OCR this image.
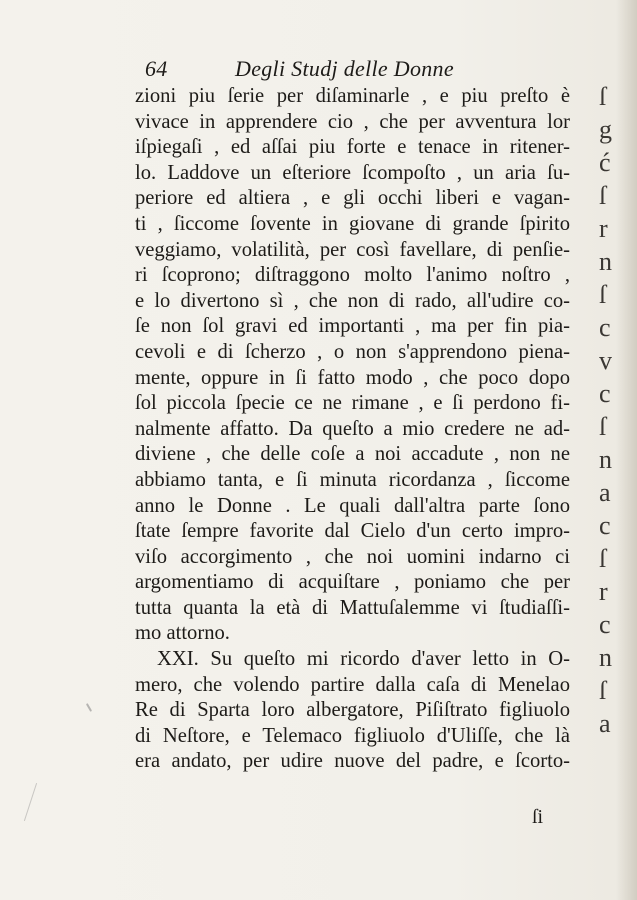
ſ
g
ć
ſ
r
n
ſ
c
v
c
ſ
n
a
c
ſ
r
c
n
ſ
a
64	Degli Studj delle Donne
zioni piu ſerie per diſaminarle , e piu preſto è
vivace in apprendere cio , che per avventura lor
iſpiegaſi , ed aſſai piu forte e tenace in ritener-
lo. Laddove un eſteriore ſcompoſto , un aria ſu-
periore ed altiera , e gli occhi liberi e vagan-
ti , ſiccome ſovente in giovane di grande ſpirito
veggiamo, volatilità, per così favellare, di penſie-
ri ſcoprono; diſtraggono molto l'animo noſtro ,
e lo divertono sì , che non di rado, all'udire co-
ſe non ſol gravi ed importanti , ma per fin pia-
cevoli e di ſcherzo , o non s'apprendono piena-
mente, oppure in ſi fatto modo , che poco dopo
ſol piccola ſpecie ce ne rimane , e ſi perdono fi-
nalmente affatto. Da queſto a mio credere ne ad-
diviene , che delle coſe a noi accadute , non ne
abbiamo tanta, e ſi minuta ricordanza , ſiccome
anno le Donne . Le quali dall'altra parte ſono
ſtate ſempre favorite dal Cielo d'un certo impro-
viſo accorgimento , che noi uomini indarno ci
argomentiamo di acquiſtare , poniamo che per
tutta quanta la età di Mattuſalemme vi ſtudiaſſi-
mo attorno.
XXI. Su queſto mi ricordo d'aver letto in O-
mero, che volendo partire dalla caſa di Menelao
Re di Sparta loro albergatore, Piſiſtrato figliuolo
di Neſtore, e Telemaco figliuolo d'Uliſſe, che là
era andato, per udire nuove del padre, e ſcorto-
ſi
